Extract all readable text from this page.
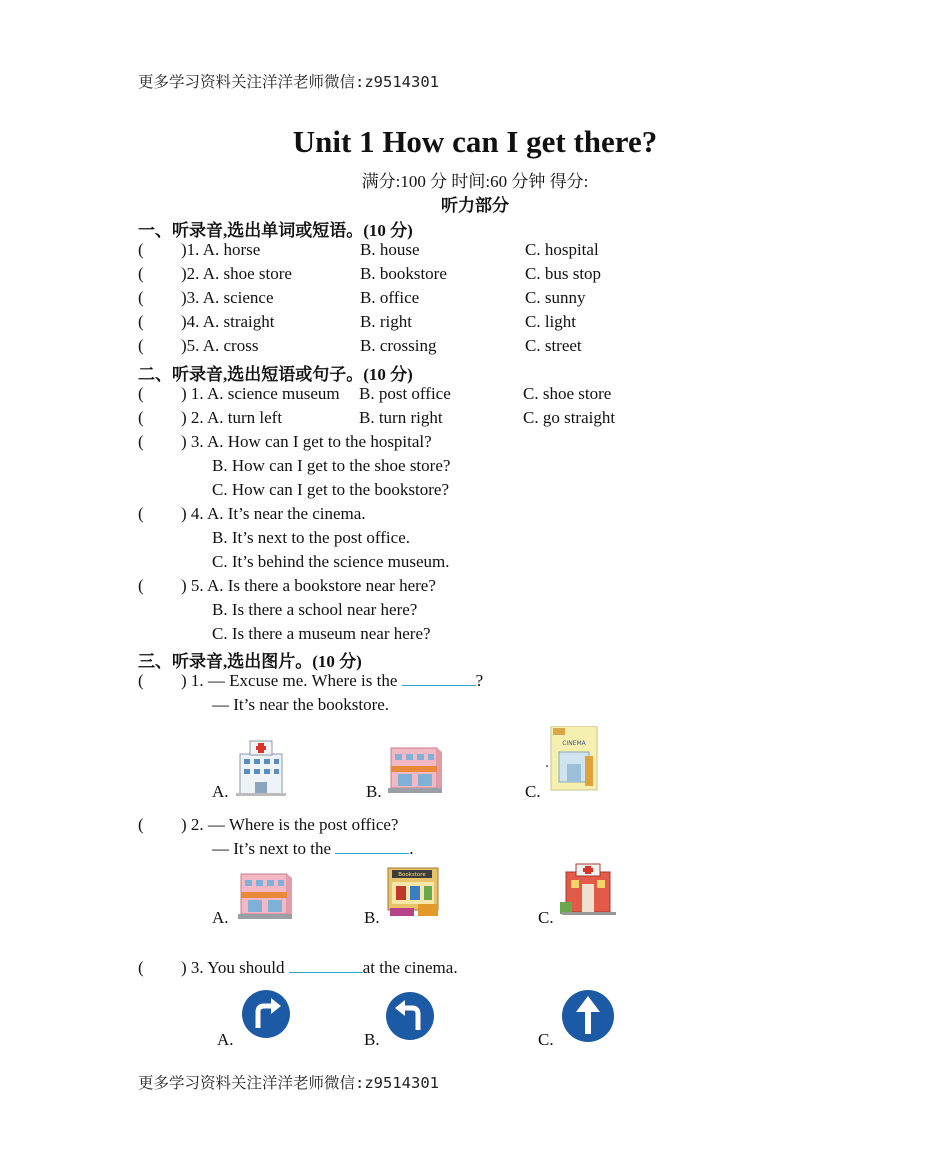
更多学习资料关注洋洋老师微信:z9514301
更多学习资料关注洋洋老师微信:z9514301
Unit 1 How can I get there?
满分:100 分 时间:60 分钟 得分:
听力部分
一、听录音,选出单词或短语。(10 分)
( )1. A. horse	B. house	C. hospital
( )2. A. shoe store	B. bookstore	C. bus stop
( )3. A. science	B. office	C. sunny
( )4. A. straight	B. right	C. light
( )5. A. cross	B. crossing	C. street
二、听录音,选出短语或句子。(10 分)
( ) 1. A. science museum B. post office	C. shoe store
( ) 2. A. turn left	B. turn right	C. go straight
( ) 3. A. How can I get to the hospital?
B. How can I get to the shoe store?
C. How can I get to the bookstore?
( ) 4. A. It’s near the cinema.
B. It’s next to the post office.
C. It’s behind the science museum.
( ) 5. A. Is there a bookstore near here?
B. Is there a school near here?
C. Is there a museum near here?
三、听录音,选出图片。(10 分)
( ) 1. — Excuse me. Where is the	?
— It’s near the bookstore.
A.	B.	C.
CINEMA
( ) 2. — Where is the post office?
— It’s next to the	.
A.	B.	C.
Bookstore
( ) 3. You should	at the cinema.
A.	B.	C.
